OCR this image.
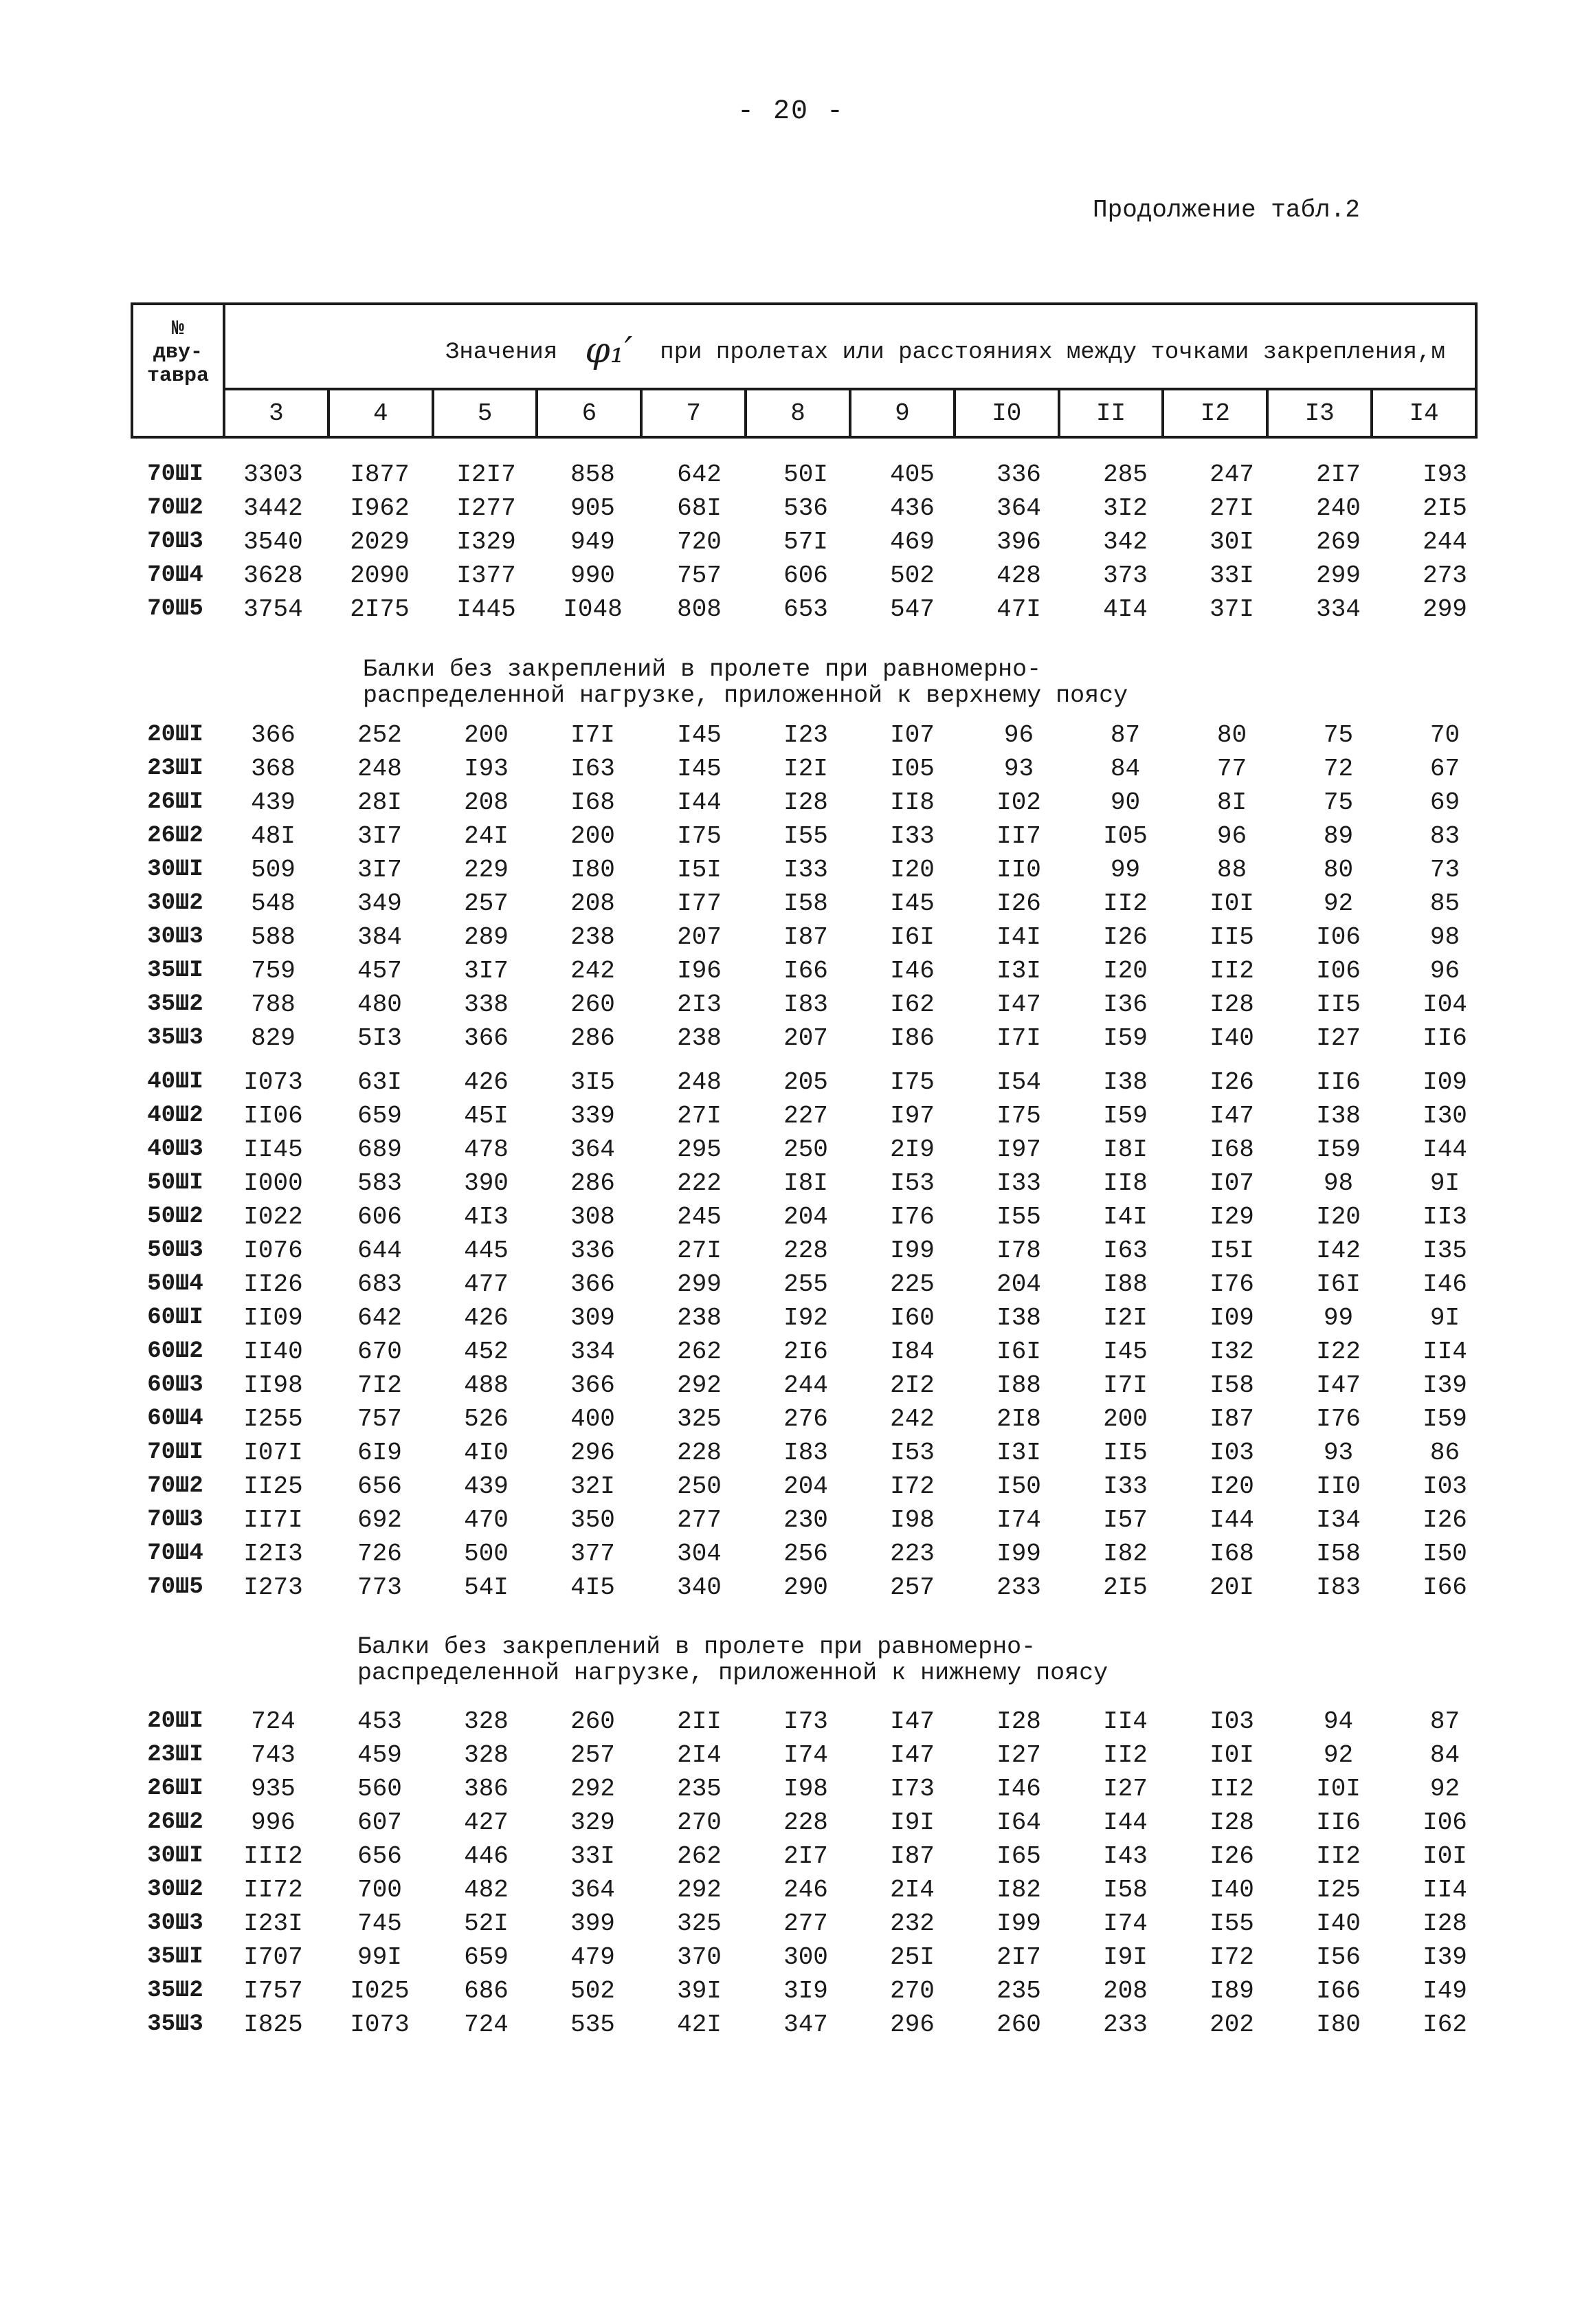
- 20 -
Продолжение табл.2
№
дву-
тавра	Значения φ₁′ при пролетах или расстояниях между точками закрепления,м											
	3	4	5	6	7	8	9	I0	II	I2	I3	I4
70ШI	3303	I877	I2I7	858	642	50I	405	336	285	247	2I7	I93
70Ш2	3442	I962	I277	905	68I	536	436	364	3I2	27I	240	2I5
70Ш3	3540	2029	I329	949	720	57I	469	396	342	30I	269	244
70Ш4	3628	2090	I377	990	757	606	502	428	373	33I	299	273
70Ш5	3754	2I75	I445	I048	808	653	547	47I	4I4	37I	334	299
Балки без закреплений в пролете при равномерно-
распределенной нагрузке, приложенной к верхнему поясу
20ШI	366	252	200	I7I	I45	I23	I07	96	87	80	75	70
23ШI	368	248	I93	I63	I45	I2I	I05	93	84	77	72	67
26ШI	439	28I	208	I68	I44	I28	II8	I02	90	8I	75	69
26Ш2	48I	3I7	24I	200	I75	I55	I33	II7	I05	96	89	83
30ШI	509	3I7	229	I80	I5I	I33	I20	II0	99	88	80	73
30Ш2	548	349	257	208	I77	I58	I45	I26	II2	I0I	92	85
30Ш3	588	384	289	238	207	I87	I6I	I4I	I26	II5	I06	98
35ШI	759	457	3I7	242	I96	I66	I46	I3I	I20	II2	I06	96
35Ш2	788	480	338	260	2I3	I83	I62	I47	I36	I28	II5	I04
35Ш3	829	5I3	366	286	238	207	I86	I7I	I59	I40	I27	II6
40ШI	I073	63I	426	3I5	248	205	I75	I54	I38	I26	II6	I09
40Ш2	II06	659	45I	339	27I	227	I97	I75	I59	I47	I38	I30
40Ш3	II45	689	478	364	295	250	2I9	I97	I8I	I68	I59	I44
50ШI	I000	583	390	286	222	I8I	I53	I33	II8	I07	98	9I
50Ш2	I022	606	4I3	308	245	204	I76	I55	I4I	I29	I20	II3
50Ш3	I076	644	445	336	27I	228	I99	I78	I63	I5I	I42	I35
50Ш4	II26	683	477	366	299	255	225	204	I88	I76	I6I	I46
60ШI	II09	642	426	309	238	I92	I60	I38	I2I	I09	99	9I
60Ш2	II40	670	452	334	262	2I6	I84	I6I	I45	I32	I22	II4
60Ш3	II98	7I2	488	366	292	244	2I2	I88	I7I	I58	I47	I39
60Ш4	I255	757	526	400	325	276	242	2I8	200	I87	I76	I59
70ШI	I07I	6I9	4I0	296	228	I83	I53	I3I	II5	I03	93	86
70Ш2	II25	656	439	32I	250	204	I72	I50	I33	I20	II0	I03
70Ш3	II7I	692	470	350	277	230	I98	I74	I57	I44	I34	I26
70Ш4	I2I3	726	500	377	304	256	223	I99	I82	I68	I58	I50
70Ш5	I273	773	54I	4I5	340	290	257	233	2I5	20I	I83	I66
Балки без закреплений в пролете при равномерно-
распределенной нагрузке, приложенной к нижнему поясу
20ШI	724	453	328	260	2II	I73	I47	I28	II4	I03	94	87
23ШI	743	459	328	257	2I4	I74	I47	I27	II2	I0I	92	84
26ШI	935	560	386	292	235	I98	I73	I46	I27	II2	I0I	92
26Ш2	996	607	427	329	270	228	I9I	I64	I44	I28	II6	I06
30ШI	III2	656	446	33I	262	2I7	I87	I65	I43	I26	II2	I0I
30Ш2	II72	700	482	364	292	246	2I4	I82	I58	I40	I25	II4
30Ш3	I23I	745	52I	399	325	277	232	I99	I74	I55	I40	I28
35ШI	I707	99I	659	479	370	300	25I	2I7	I9I	I72	I56	I39
35Ш2	I757	I025	686	502	39I	3I9	270	235	208	I89	I66	I49
35Ш3	I825	I073	724	535	42I	347	296	260	233	202	I80	I62
